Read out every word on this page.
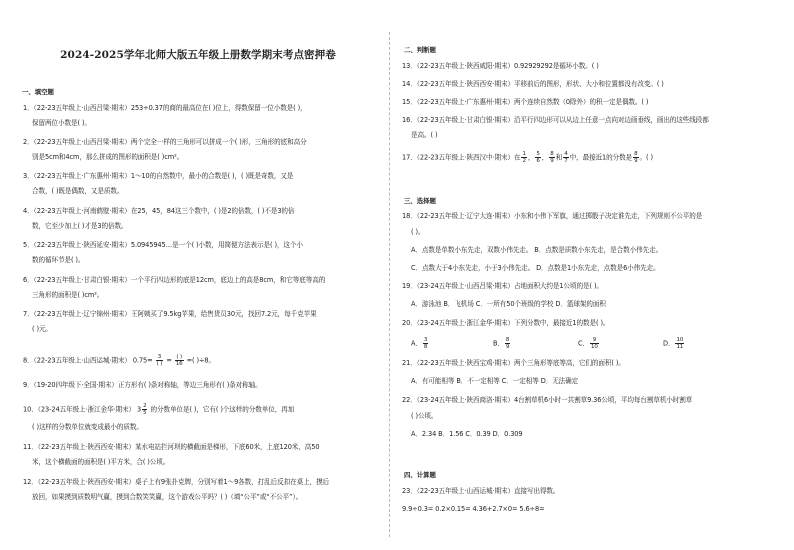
2024-2025学年北师大版五年级上册数学期末考点密押卷
一、填空题
1．（22-23五年级上·山西吕梁·期末）253÷0.37的商的最高位在( )位上，得数保留一位小数是( )，
保留两位小数是( )。
2．（22-23五年级上·山西吕梁·期末）两个完全一样的三角形可以拼成一个( )形，三角形的底和高分
别是5cm和4cm，那么拼成的图形的面积是( )cm²。
3．（22-23五年级上·广东惠州·期末）1～10的自然数中，最小的合数是( )，( )既是奇数，又是
合数，( )既是偶数，又是质数。
4．（22-23五年级上·河南鹤壁·期末）在25，45，84这三个数中，( )是2的倍数，( )不是3的倍
数，它至少加上( )才是3的倍数。
5．（22-23五年级上·陕西延安·期末）5.0945945…是一个( )小数，用简便方法表示是( )，这个小
数的循环节是( )。
6．（22-23五年级上·甘肃白银·期末）一个平行四边形的底是12cm，底边上的高是8cm，和它等底等高的
三角形的面积是( )cm²。
7．（22-23五年级上·辽宁锦州·期末）王阿姨买了9.5kg苹果，给售货员30元，找回7.2元，每千克苹果
( )元。
8．（22-23五年级上·山西运城·期末） $0.75= \frac{3}{( )} = \frac{( )}{16}$ =( )÷8。
9．（19-20四年级下·全国·期末）正方形有( )条对称轴，等边三角形有( )条对称轴。
10．（23-24五年级上·浙江金华·期末） $3 \frac{2}{5}$ 的分数单位是( )，它有( )个这样的分数单位，再加
( )这样的分数单位就变成最小的质数。
11．（22-23五年级上·陕西西安·期末）某水电站拦河坝的横截面是梯形，下底60米，上底120米，高50
米，这个横截面的面积是( )平方米，合( )公顷。
12．（22-23五年级上·陕西西安·期末）桌子上有9张扑克牌，分别写着1～9各数，打乱后反扣在桌上，摸后
放回，如果摸到质数明气赢，摸到合数笑笑赢，这个游戏公平吗？( )（填“公平”或“不公平”）。
二、判断题
13．（22-23五年级上·陕西咸阳·期末）0.92929292是循环小数。( )
14．（22-23五年级上·陕西西安·期末）平移前后的图形，形状、大小和位置都没有改变。( )
15．（22-23五年级上·广东惠州·期末）两个连续自然数（0除外）的积一定是偶数。( )
16．（22-23五年级上·甘肃白银·期末）沿平行四边形可以从边上任意一点向对边画垂线，画出的这些线段都
是高。( )
17．（22-23五年级上·陕西汉中·期末）在 $\frac{1}{2}$ ， $\frac{5}{6}$ ， $\frac{8}{9}$ 和 $\frac{4}{7}$ 中，最接近1的分数是 $\frac{8}{9}$ 。( )
三、选择题
18．（22-23五年级上·辽宁大连·期末）小东和小伟下军旗，通过掷骰子决定谁先走，下列规则不公平的是
( )。
A．点数是单数小东先走，双数小伟先走。 B．点数是质数小东先走，是合数小伟先走。
C．点数大于4小东先走，小于3小伟先走。 D．点数是1小东先走，点数是6小伟先走。
19．（23-24五年级上·山西吕梁·期末）占地面积大约是1公顷的是( )。
A．游泳池 B．飞机场 C．一所有50个班级的学校 D．篮球架的面积
20．（23-24五年级上·浙江金华·期末）下列分数中，最接近1的数是( )。
A． $\frac{3}{8}$	B． $\frac{8}{9}$	C． $\frac{9}{10}$	D． $\frac{10}{11}$
21．（22-23五年级上·陕西宝鸡·期末）两个三角形等底等高，它们的面积( )。
A．有可能相等 B．不一定相等 C．一定相等 D．无法确定
22．（23-24五年级上·陕西商洛·期末）4台割草机6小时一共割草9.36公顷，平均每台割草机小时割草
( )公顷。
A．2.34 B．1.56 C．0.39 D．0.309
四、计算题
23．（22-23五年级上·山西运城·期末）直接写出得数。
9.9÷0.3= 0.2×0.15= 4.36+2.7×0= 5.6÷8=
